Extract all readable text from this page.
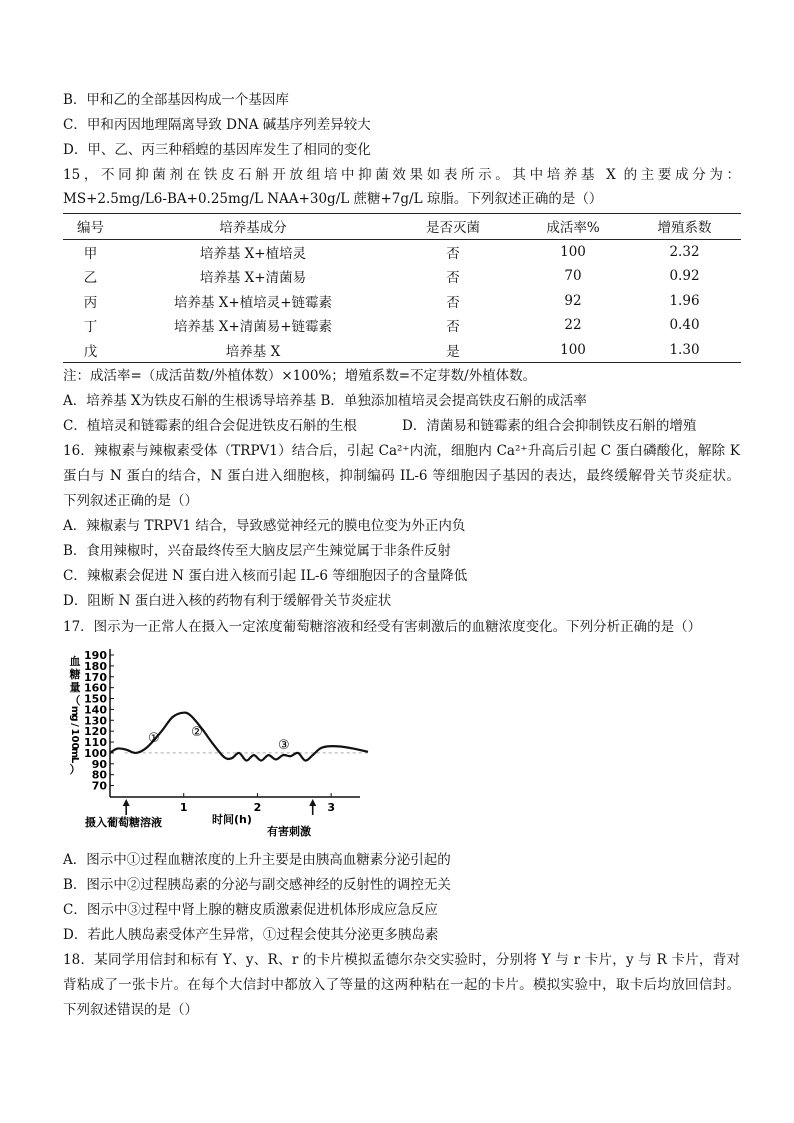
B．甲和乙的全部基因构成一个基因库
C．甲和丙因地理隔离导致 DNA 碱基序列差异较大
D．甲、乙、丙三种稻蝗的基因库发生了相同的变化
15，不同抑菌剂在铁皮石斛开放组培中抑菌效果如表所示。其中培养基 X 的主要成分为：
MS+2.5mg/L6-BA+0.25mg/L NAA+30g/L 蔗糖+7g/L 琼脂。下列叙述正确的是（）
编号	培养基成分	是否灭菌	成活率%	增殖系数
甲	培养基 X+植培灵	否	100	2.32
乙	培养基 X+清菌易	否	70	0.92
丙	培养基 X+植培灵+链霉素	否	92	1.96
丁	培养基 X+清菌易+链霉素	否	22	0.40
戊	培养基 X	是	100	1.30
注：成活率=（成活苗数/外植体数）×100%；增殖系数=不定芽数/外植体数。
A．培养基 X为铁皮石斛的生根诱导培养基 B．单独添加植培灵会提高铁皮石斛的成活率
C．植培灵和链霉素的组合会促进铁皮石斛的生根	D．清菌易和链霉素的组合会抑制铁皮石斛的增殖
16．辣椒素与辣椒素受体（TRPV1）结合后，引起 Ca²⁺内流，细胞内 Ca²⁺升高后引起 C 蛋白磷酸化，解除 K
蛋白与 N 蛋白的结合，N 蛋白进入细胞核，抑制编码 IL-6 等细胞因子基因的表达，最终缓解骨关节炎症状。
下列叙述正确的是（）
A．辣椒素与 TRPV1 结合，导致感觉神经元的膜电位变为外正内负
B．食用辣椒时，兴奋最终传至大脑皮层产生辣觉属于非条件反射
C．辣椒素会促进 N 蛋白进入核而引起 IL-6 等细胞因子的含量降低
D．阻断 N 蛋白进入核的药物有利于缓解骨关节炎症状
17．图示为一正常人在摄入一定浓度葡萄糖溶液和经受有害刺激后的血糖浓度变化。下列分析正确的是（）
血
糖
量
（
m
g
/
1
0
0
m
L
）
190
180
170
160
150
140
130
120
110
100
90
80
70
1	2	3
① ②
③
摄入葡萄糖溶液	时间(h)
有害刺激
A．图示中①过程血糖浓度的上升主要是由胰高血糖素分泌引起的
B．图示中②过程胰岛素的分泌与副交感神经的反射性的调控无关
C．图示中③过程中肾上腺的糖皮质激素促进机体形成应急反应
D．若此人胰岛素受体产生异常，①过程会使其分泌更多胰岛素
18．某同学用信封和标有 Y、y、R、r 的卡片模拟孟德尔杂交实验时，分别将 Y 与 r 卡片，y 与 R 卡片，背对
背粘成了一张卡片。在每个大信封中都放入了等量的这两种粘在一起的卡片。模拟实验中，取卡后均放回信封。
下列叙述错误的是（）
